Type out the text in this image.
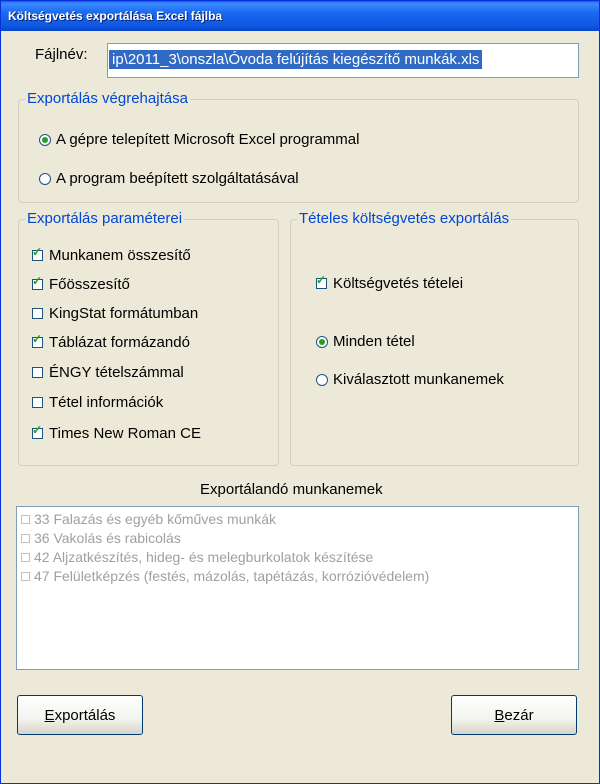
Költségvetés exportálása Excel fájlba
Fájlnév: ip\2011_3\onszla\Óvoda felújítás kiegészítő munkák.xls
Exportálás végrehajtása
A gépre telepített Microsoft Excel programmal
A program beépített szolgáltatásával
Exportálás paraméterei
✓ Munkanem összesítő
✓ Főösszesítő
KingStat formátumban
✓ Táblázat formázandó
ÉNGY tételszámmal
Tétel információk
✓ Times New Roman CE
Tételes költségvetés exportálás
✓ Költségvetés tételei
Minden tétel
Kiválasztott munkanemek
Exportálandó munkanemek
33 Falazás és egyéb kőműves munkák
36 Vakolás és rabicolás
42 Aljzatkészítés, hideg- és melegburkolatok készítése
47 Felületképzés (festés, mázolás, tapétázás, korrózióvédelem)
E xportálás	B ezár
